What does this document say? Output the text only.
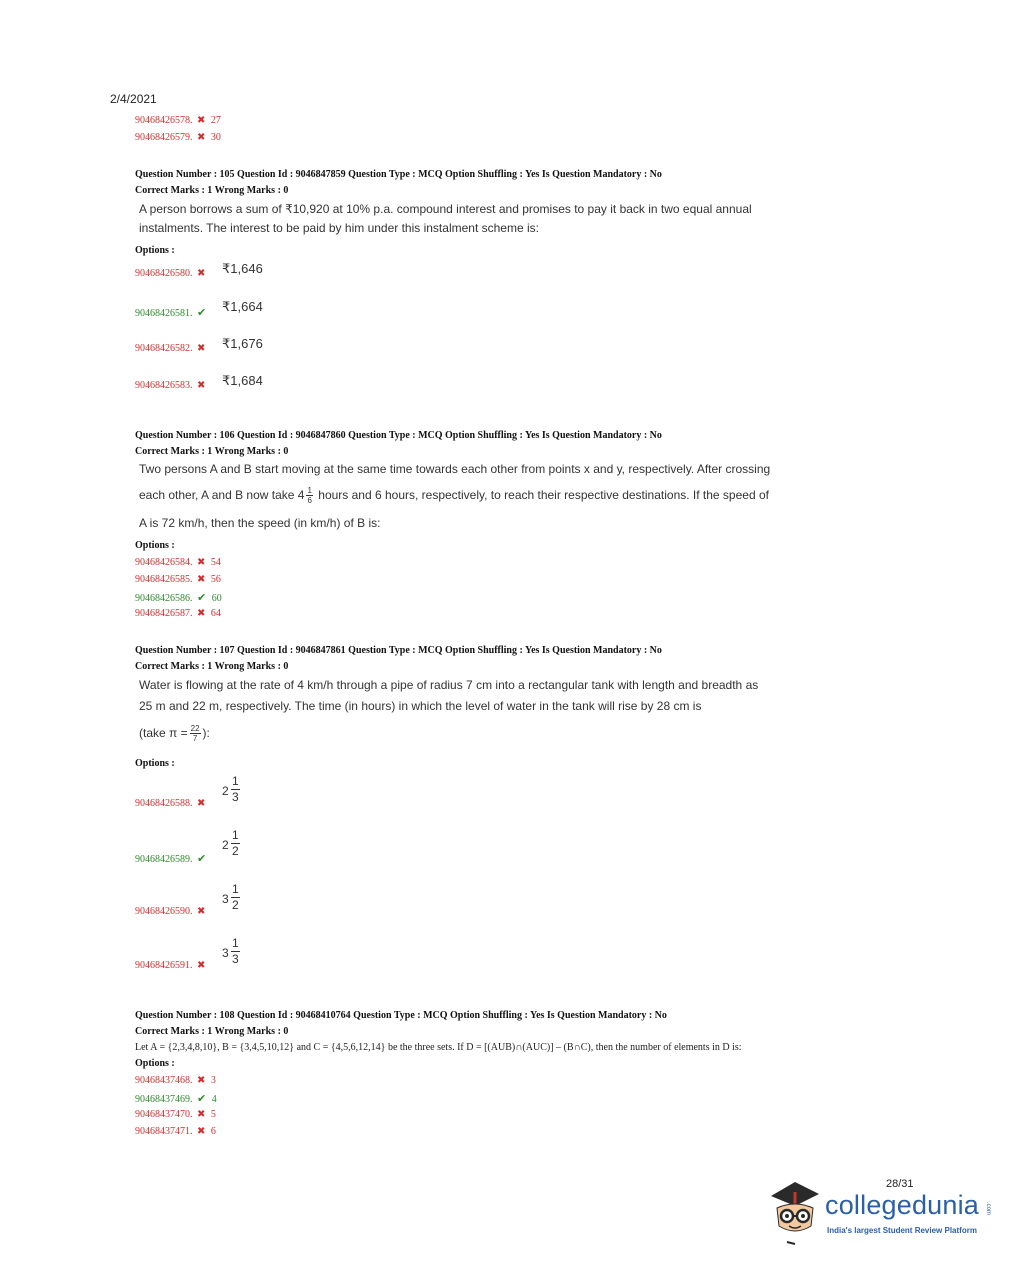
2/4/2021
90468426578. ✖ 27
90468426579. ✖ 30
Question Number : 105 Question Id : 9046847859 Question Type : MCQ Option Shuffling : Yes Is Question Mandatory : No
Correct Marks : 1 Wrong Marks : 0
A person borrows a sum of ₹10,920 at 10% p.a. compound interest and promises to pay it back in two equal annual
instalments. The interest to be paid by him under this instalment scheme is:
Options :
90468426580. ✖ ₹1,646
90468426581. ✔ ₹1,664
90468426582. ✖ ₹1,676
90468426583. ✖ ₹1,684
Question Number : 106 Question Id : 9046847860 Question Type : MCQ Option Shuffling : Yes Is Question Mandatory : No
Correct Marks : 1 Wrong Marks : 0
Two persons A and B start moving at the same time towards each other from points x and y, respectively. After crossing
each other, A and B now take $4 \frac{1}{6}$ hours and 6 hours, respectively, to reach their respective destinations. If the speed of
A is 72 km/h, then the speed (in km/h) of B is:
Options :
90468426584. ✖ 54
90468426585. ✖ 56
90468426586. ✔ 60
90468426587. ✖ 64
Question Number : 107 Question Id : 9046847861 Question Type : MCQ Option Shuffling : Yes Is Question Mandatory : No
Correct Marks : 1 Wrong Marks : 0
Water is flowing at the rate of 4 km/h through a pipe of radius 7 cm into a rectangular tank with length and breadth as
25 m and 22 m, respectively. The time (in hours) in which the level of water in the tank will rise by 28 cm is
(take $\pi = \frac{22}{7}$ ):
Options :
90468426588. ✖
2
1
3
90468426589. ✔
2
1
2
90468426590. ✖
3
1
2
90468426591. ✖
3
1
3
Question Number : 108 Question Id : 90468410764 Question Type : MCQ Option Shuffling : Yes Is Question Mandatory : No
Correct Marks : 1 Wrong Marks : 0
Let A = {2,3,4,8,10}, B = {3,4,5,10,12} and C = {4,5,6,12,14} be the three sets. If D = [(AUB)∩(AUC)] – (B∩C), then the number of elements in D is:
Options :
90468437468. ✖ 3
90468437469. ✔ 4
90468437470. ✖ 5
90468437471. ✖ 6
28/31
collegedunia .com
India's largest Student Review Platform
